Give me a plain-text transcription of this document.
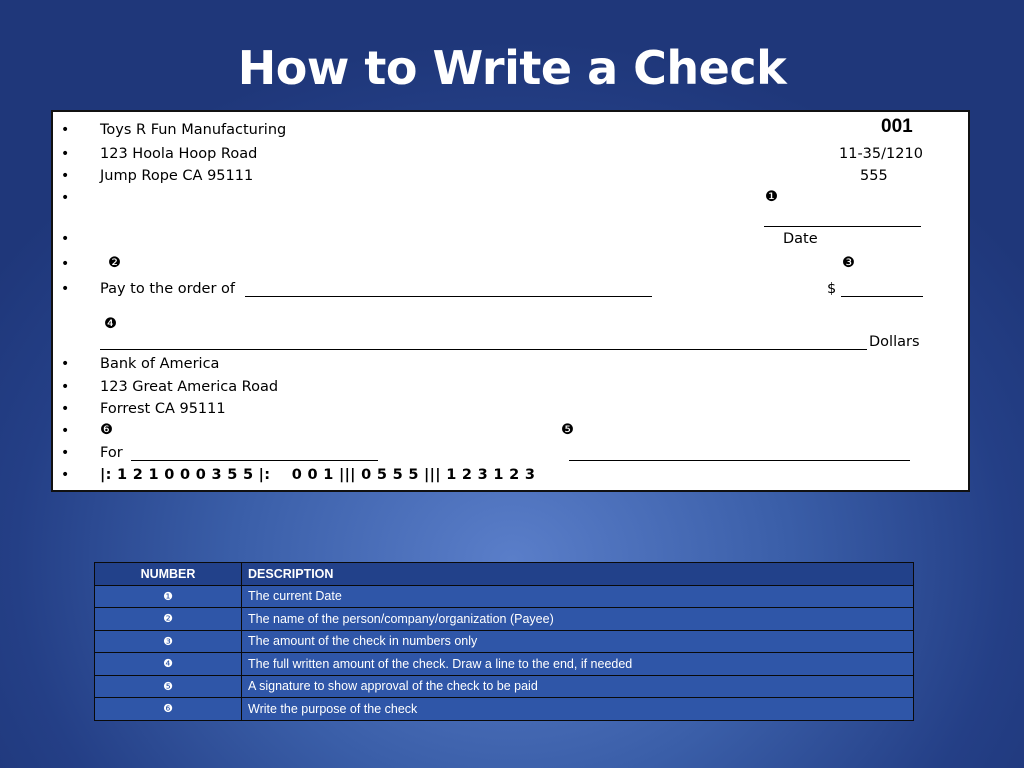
How to Write a Check
• Toys R Fun Manufacturing	001
• 123 Hoola Hoop Road	11-35/1210
• Jump Rope CA 95111	555
•	❶
•	Date
•	❷	❸
• Pay to the order of	$
❹
Dollars
• Bank of America
• 123 Great America Road
• Forrest CA 95111
• ❻	❺
• For
• |: 1 2 1 0 0 0 3 5 5 |:    0 0 1 ||| 0 5 5 5 ||| 1 2 3 1 2 3
NUMBER	DESCRIPTION
❶	The current Date
❷	The name of the person/company/organization (Payee)
❸	The amount of the check in numbers only
❹	The full written amount of the check. Draw a line to the end, if needed
❺	A signature to show approval of the check to be paid
❻	Write the purpose of the check
